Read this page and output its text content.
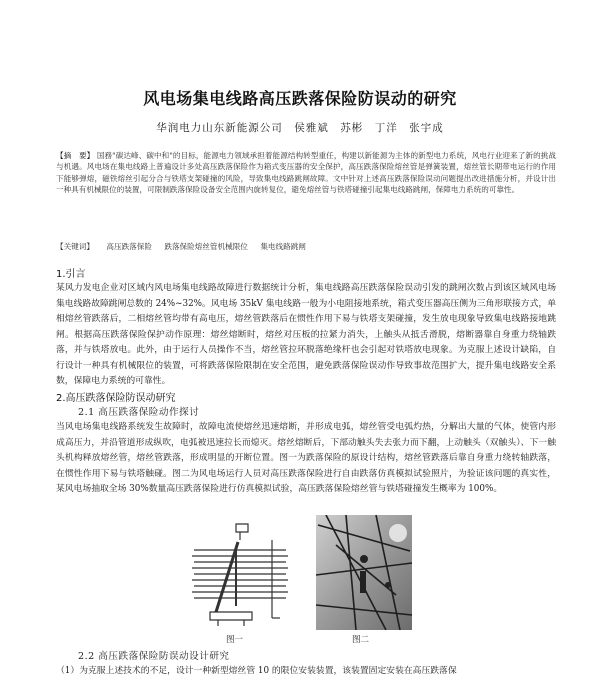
风电场集电线路高压跌落保险防误动的研究
华润电力山东新能源公司　侯雅斌　苏彬　丁洋　张宇成
【摘　要】 国務"碳达峰、碳中和"的目标，能源电力领域承担着能源结构转型重任，构建以新能源为主体的新型电力系统，风电行业迎来了新的挑战与机遇。风电场在集电线路上普遍设计多处高压跌落保险作为箱式变压器的安全保护，高压跌落保险熔丝管是弹簧装置，熔丝管长期带电运行的作用下能够弹熔，磁铁熔丝引起分合与铁塔支架碰撞的风险，导致集电线路跳闸故障。文中针对上述高压跌落保险误动问题提出改进措施分析，并设计出一种具有机械限位的装置，可限制跌落保险设备安全范围内旋转复位，避免熔丝管与铁塔碰撞引起集电线路跳闸，保障电力系统的可靠性。
【关键词】 高压跌落保险 跌落保险熔丝管机械限位 集电线路跳闸
1.引言
某风力发电企业对区域内风电场集电线路故障进行数据统计分析，集电线路高压跌落保险误动引发的跳闸次数占到该区域风电场集电线路故障跳闸总数的 24%~32%。风电场 35kV 集电线路一般为小电阻接地系统，箱式变压器高压侧为三角形联接方式，单相熔丝管跌落后，二相熔丝管均带有高电压，熔丝管跌落后在惯性作用下易与铁塔支架碰撞，发生放电现象导致集电线路接地跳闸。根据高压跌落保险保护动作原理：熔丝熔断时，熔丝对压板的拉紧力消失，上触头从抵舌滑脱，熔断器靠自身重力绕轴跌落，并与铁塔放电。此外，由于运行人员操作不当，熔丝管拉环脱落绝缘杆也会引起对铁塔放电现象。为克服上述设计缺陷，自行设计一种具有机械限位的装置，可将跌落保险限制在安全范围，避免跌落保险误动作导致事故范围扩大，提升集电线路安全系数，保障电力系统的可靠性。
2.高压跌落保险防误动研究
2.1 高压跌落保险动作探讨
当风电场集电线路系统发生故障时，故障电流使熔丝迅速熔断，并形成电弧，熔丝管受电弧灼热，分解出大量的气体，使管内形成高压力，并沿管道形成纵吹，电弧被迅速拉长而熄灭。熔丝熔断后，下部动触头失去张力而下翻，上动触头（双触头）、下一触头机构释放熔丝管，熔丝管跌落，形成明显的开断位置。图一为跌落保险的原设计结构，熔丝管跌落后靠自身重力绕转轴跌落，在惯性作用下易与铁塔触碰。图二为风电场运行人员对高压跌落保险进行自由跌落仿真模拟试验照片，为验证该问题的真实性，某风电场抽取全场 30%数量高压跌落保险进行仿真模拟试验，高压跌落保险熔丝管与铁塔碰撞发生概率为 100%。
图一	图二
2.2 高压跌落保险防误动设计研究
（1）为克服上述技术的不足，设计一种新型熔丝管 10 的限位安装装置，该装置固定安装在高压跌落保
